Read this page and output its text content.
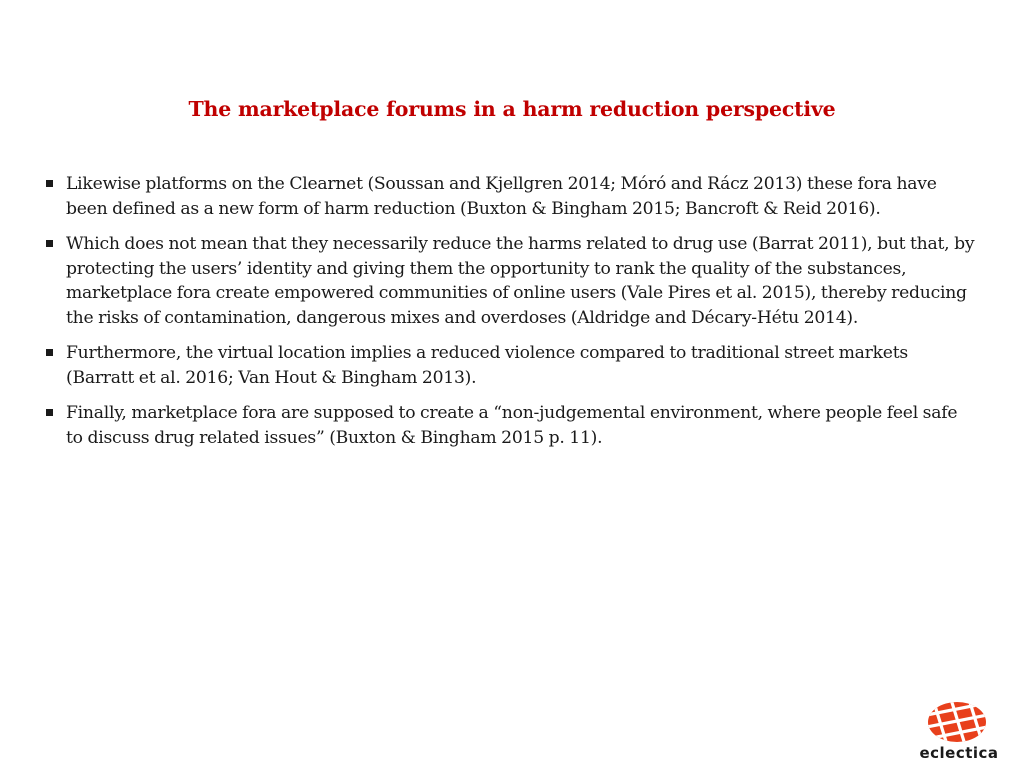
The marketplace forums in a harm reduction perspective
Likewise platforms on the Clearnet (Soussan and Kjellgren 2014; Móró and Rácz 2013) these fora have been defined as a new form of harm reduction (Buxton & Bingham 2015; Bancroft & Reid 2016).
Which does not mean that they necessarily reduce the harms related to drug use (Barrat 2011), but that, by protecting the users’ identity and giving them the opportunity to rank the quality of the substances, marketplace fora create empowered communities of online users (Vale Pires et al. 2015), thereby reducing the risks of contamination, dangerous mixes and overdoses (Aldridge and Décary-Hétu 2014).
Furthermore, the virtual location implies a reduced violence compared to traditional street markets (Barratt et al. 2016; Van Hout & Bingham 2013).
Finally, marketplace fora are supposed to create a “non-judgemental environment, where people feel safe to discuss drug related issues” (Buxton & Bingham 2015 p. 11).
eclectica
